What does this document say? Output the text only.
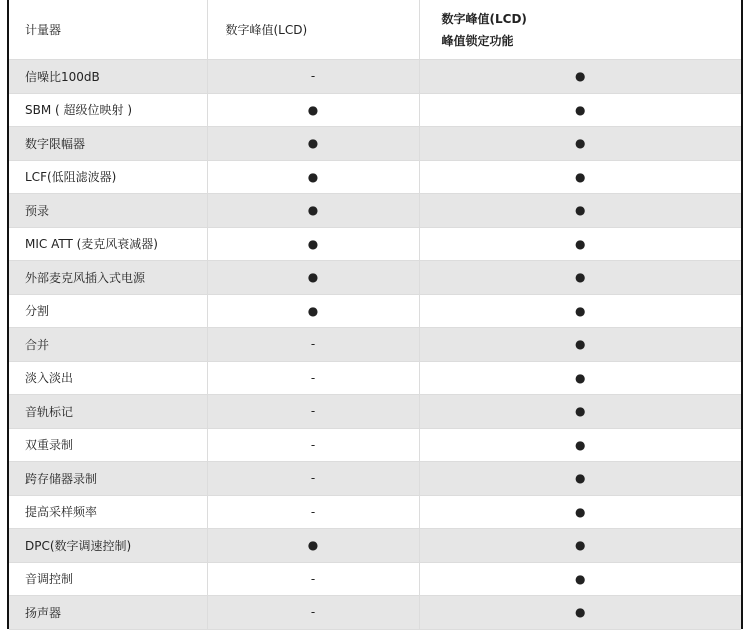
计量器	数字峰值(LCD)	数字峰值(LCD)
峰值锁定功能

信噪比100dB	-	●
SBM ( 超级位映射 )	●	●
数字限幅器	●	●
LCF(低阻滤波器)	●	●
预录	●	●
MIC ATT (麦克风衰减器)	●	●
外部麦克风插入式电源	●	●
分割	●	●
合并	-	●
淡入淡出	-	●
音轨标记	-	●
双重录制	-	●
跨存储器录制	-	●
提高采样频率	-	●
DPC(数字调速控制)	●	●
音调控制	-	●
扬声器	-	●
